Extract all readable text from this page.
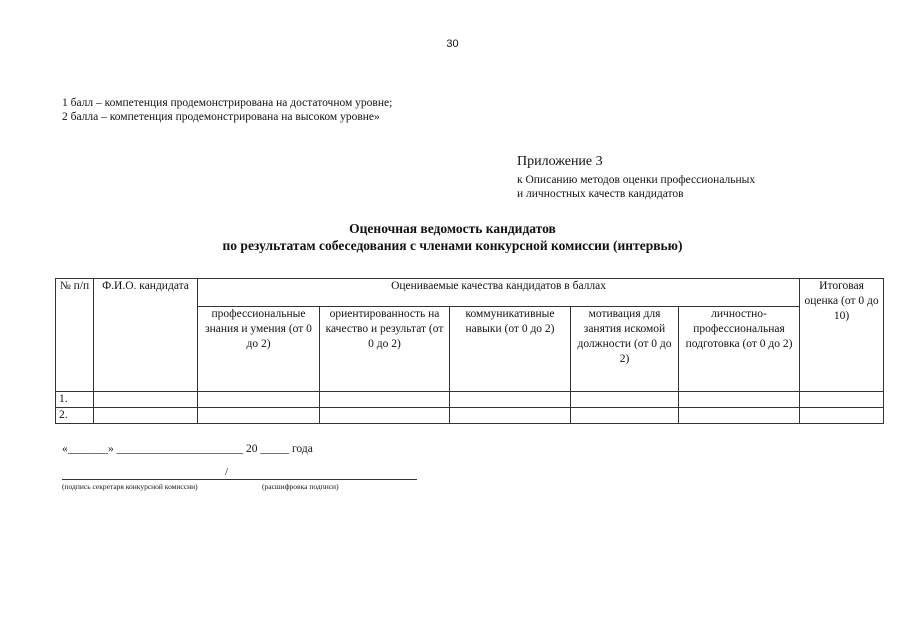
30
1 балл – компетенция продемонстрирована на достаточном уровне;
2 балла – компетенция продемонстрирована на высоком уровне»
Приложение 3
к Описанию методов оценки профессиональных
и личностных качеств кандидатов
Оценочная ведомость кандидатов
по результатам собеседования с членами конкурсной комиссии (интервью)
№ п/п	Ф.И.О. кандидата	Оцениваемые качества кандидатов в баллах					Итоговая оценка (от 0 до 10)
		профессиональные знания и умения (от 0 до 2)	ориентированность на качество и результат (от 0 до 2)	коммуникативные навыки (от 0 до 2)	мотивация для занятия искомой должности (от 0 до 2)	личностно-профессиональная подготовка (от 0 до 2)	
1.							
2.							
«_______» ______________________ 20 _____ года
/
(подпись секретаря конкурсной комиссии)	(расшифровка подписи)
